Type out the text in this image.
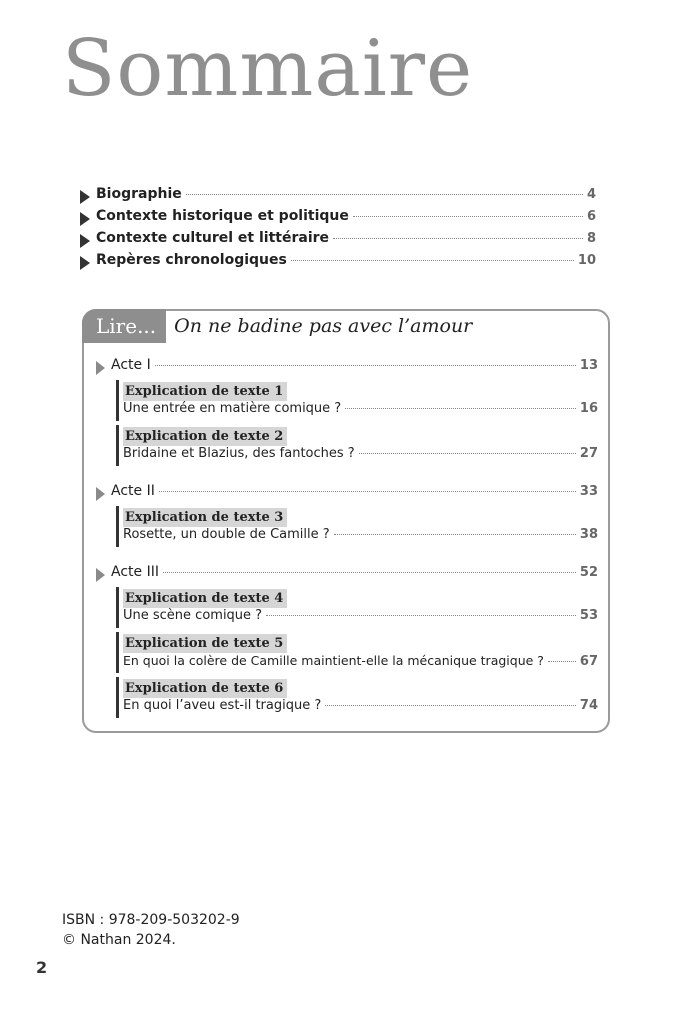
Sommaire
Biographie	4
Contexte historique et politique	6
Contexte culturel et littéraire	8
Repères chronologiques	10
Lire... On ne badine pas avec l’amour
Acte I	13
Explication de texte 1
Une entrée en matière comique ?	16
Explication de texte 2
Bridaine et Blazius, des fantoches ?	27
Acte II	33
Explication de texte 3
Rosette, un double de Camille ?	38
Acte III	52
Explication de texte 4
Une scène comique ?	53
Explication de texte 5
En quoi la colère de Camille maintient-elle la mécanique tragique ?	67
Explication de texte 6
En quoi l’aveu est-il tragique ?	74
ISBN : 978-209-503202-9
© Nathan 2024.
2
